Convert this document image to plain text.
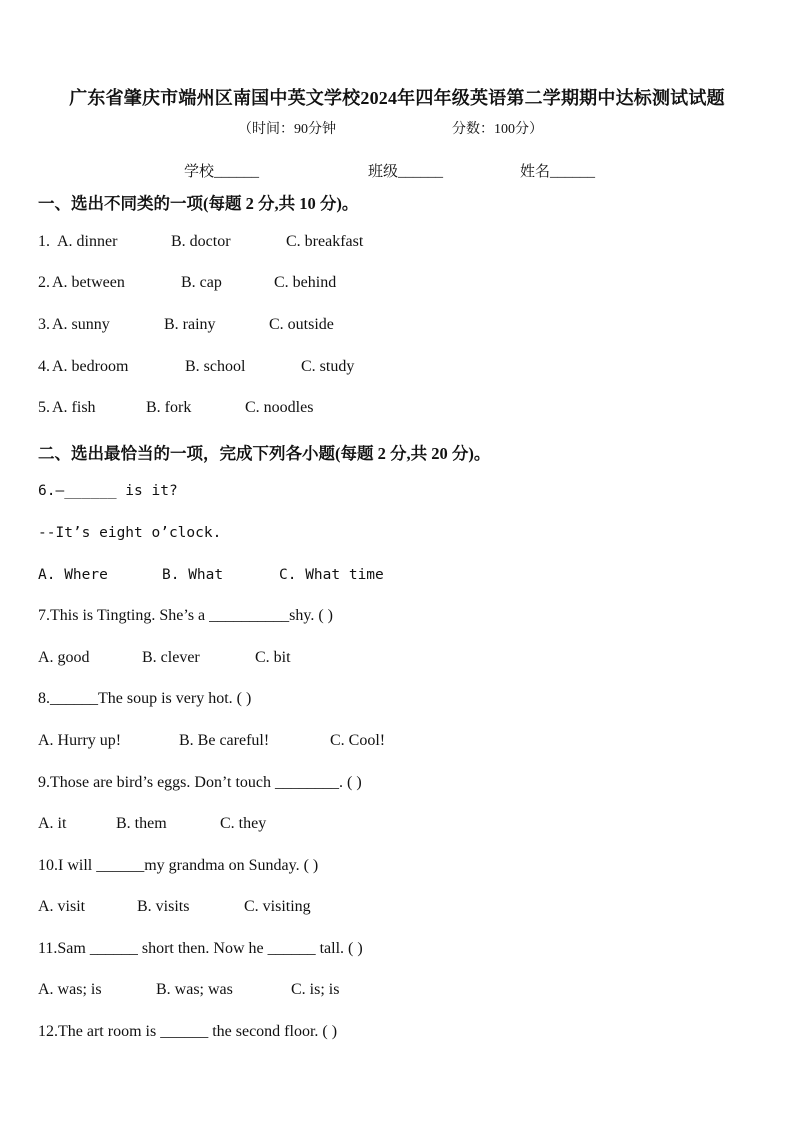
广东省肇庆市端州区南国中英文学校2024年四年级英语第二学期期中达标测试试题
（时间：90分钟	分数：100分）
学校______	班级______	姓名______
一、选出不同类的一项(每题 2 分,共 10 分)。
1. A. dinner	B. doctor	C. breakfast
2. A. between	B. cap	C. behind
3. A. sunny	B. rainy	C. outside
4. A. bedroom	B. school	C. study
5. A. fish	B. fork	C. noodles
二、选出最恰当的一项，完成下列各小题(每题 2 分,共 20 分)。
6.—______ is it?
--It’s eight o’clock.
A. Where	B. What	C. What time
7.This is Tingting. She’s a __________shy. ( )
A. good	B. clever	C. bit
8.______The soup is very hot. ( )
A. Hurry up!	B. Be careful!	C. Cool!
9.Those are bird’s eggs. Don’t touch ________. ( )
A. it	B. them	C. they
10.I will ______my grandma on Sunday. ( )
A. visit	B. visits	C. visiting
11.Sam ______ short then. Now he ______ tall. ( )
A. was; is	B. was; was	C. is; is
12.The art room is ______ the second floor. ( )
